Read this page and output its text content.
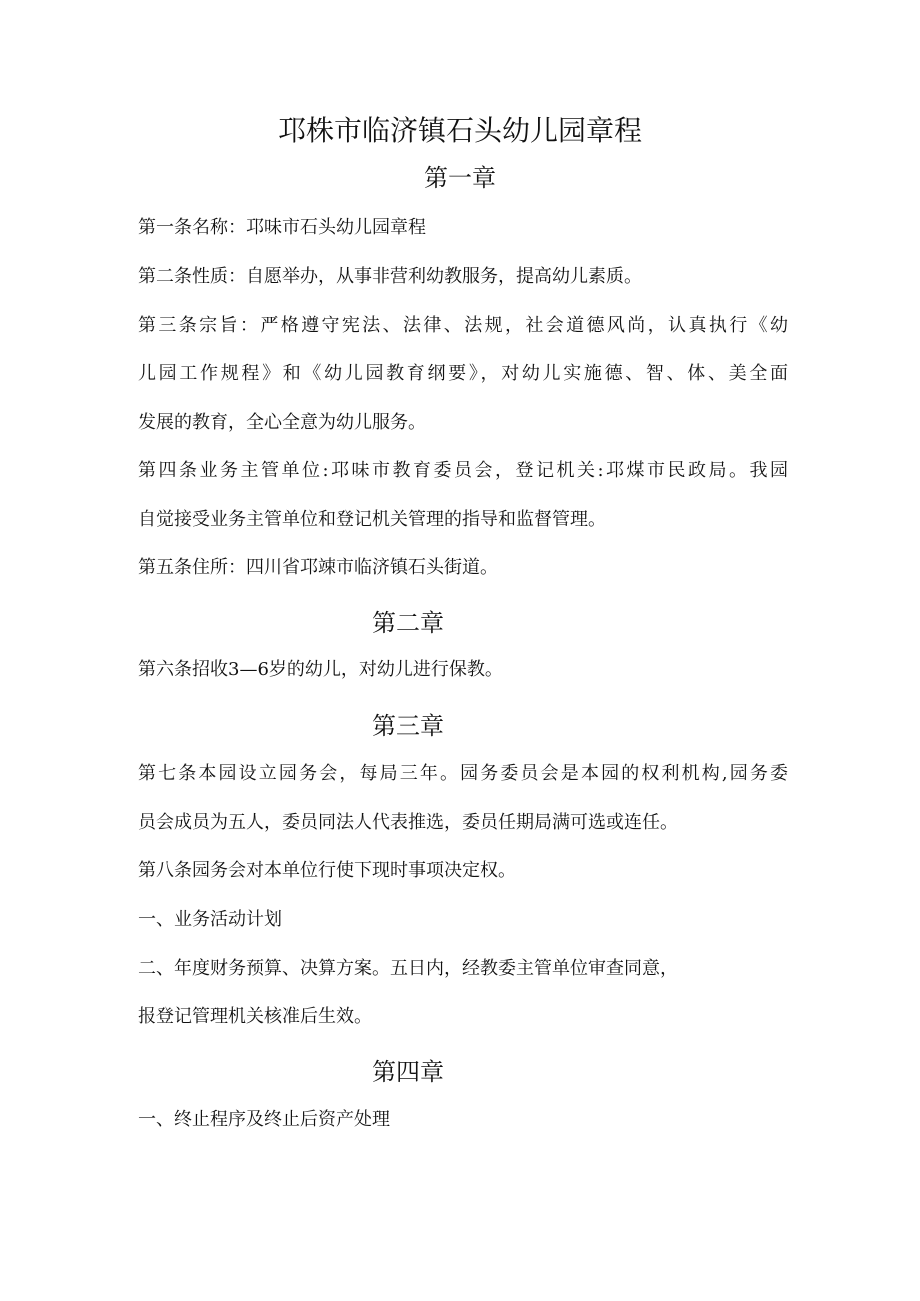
邛株市临济镇石头幼儿园章程
第一章

第一条名称：邛味市石头幼儿园章程

第二条性质：自愿举办，从事非营利幼教服务，提高幼儿素质。

第三条宗旨：严格遵守宪法、法律、法规，社会道德风尚，认真执行《幼

儿园工作规程》和《幼儿园教育纲要》，对幼儿实施德、智、体、美全面

发展的教育，全心全意为幼儿服务。

第四条业务主管单位:邛味市教育委员会，登记机关:邛煤市民政局。我园

自觉接受业务主管单位和登记机关管理的指导和监督管理。

第五条住所：四川省邛竦市临济镇石头街道。

第二章

第六条招收3—6岁的幼儿，对幼儿进行保教。

第三章

第七条本园设立园务会，每局三年。园务委员会是本园的权利机构,园务委

员会成员为五人，委员同法人代表推选，委员任期局满可选或连任。

第八条园务会对本单位行使下现时事项决定权。

一、业务活动计划

二、年度财务预算、决算方案。五日内，经教委主管单位审查同意，

报登记管理机关核准后生效。

第四章

一、终止程序及终止后资产处理
